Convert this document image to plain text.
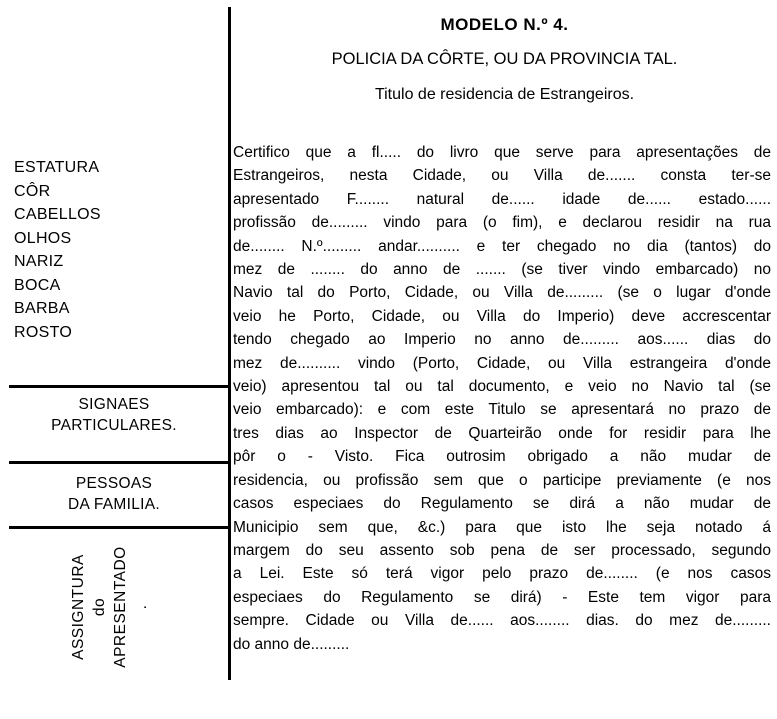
MODELO N.º 4.
POLICIA DA CÔRTE, OU DA PROVINCIA TAL.
Titulo de residencia de Estrangeiros.
ESTATURA
CÔR
CABELLOS
OLHOS
NARIZ
BOCA
BARBA
ROSTO
SIGNAES
PARTICULARES.
PESSOAS
DA FAMILIA.
ASSIGNTURA do APRESENTADO .
Certifico que a fl..... do livro que serve para apresentações de
Estrangeiros, nesta Cidade, ou Villa de....... consta ter-se
apresentado F........ natural de...... idade de...... estado......
profissão de......... vindo para (o fim), e declarou residir na rua
de........ N.º......... andar.......... e ter chegado no dia (tantos) do
mez de ........ do anno de ....... (se tiver vindo embarcado) no
Navio tal do Porto, Cidade, ou Villa de......... (se o lugar d'onde
veio he Porto, Cidade, ou Villa do Imperio) deve accrescentar
tendo chegado ao Imperio no anno de......... aos...... dias do
mez de.......... vindo (Porto, Cidade, ou Villa estrangeira d'onde
veio) apresentou tal ou tal documento, e veio no Navio tal (se
veio embarcado): e com este Titulo se apresentará no prazo de
tres dias ao Inspector de Quarteirão onde for residir para lhe
pôr o - Visto. Fica outrosim obrigado a não mudar de
residencia, ou profissão sem que o participe previamente (e nos
casos especiaes do Regulamento se dirá a não mudar de
Municipio sem que, &c.) para que isto lhe seja notado á
margem do seu assento sob pena de ser processado, segundo
a Lei. Este só terá vigor pelo prazo de........ (e nos casos
especiaes do Regulamento se dirá) - Este tem vigor para
sempre. Cidade ou Villa de...... aos........ dias. do mez de.........
do anno de.........
